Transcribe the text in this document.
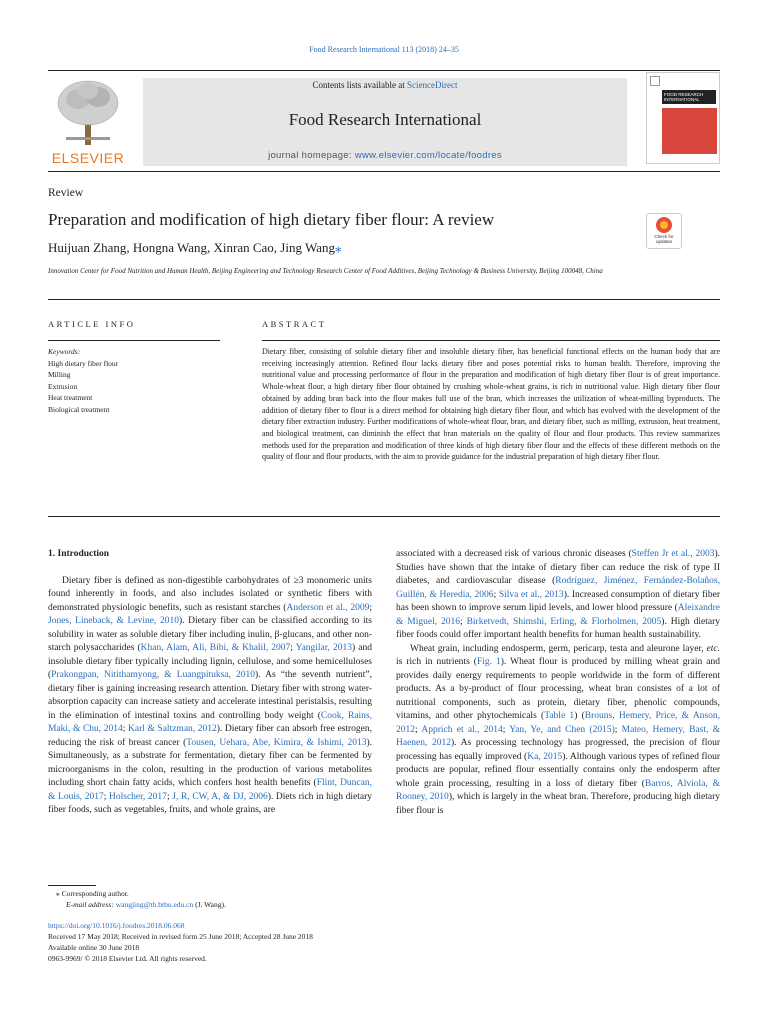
Food Research International 113 (2018) 24–35
ELSEVIER
Contents lists available at ScienceDirect
Food Research International
journal homepage: www.elsevier.com/locate/foodres
FOOD RESEARCH INTERNATIONAL
Review
Preparation and modification of high dietary fiber flour: A review
Huijuan Zhang, Hongna Wang, Xinran Cao, Jing Wang⁎
Innovation Center for Food Nutrition and Human Health, Beijing Engineering and Technology Research Center of Food Additives, Beijing Technology & Business University, Beijing 100048, China
Check for updates
ARTICLE INFO	ABSTRACT
Keywords:
High dietary fiber flour
Milling
Extrusion
Heat treatment
Biological treatment
Dietary fiber, consisting of soluble dietary fiber and insoluble dietary fiber, has beneficial functional effects on the human body that are receiving increasingly attention. Refined flour lacks dietary fiber and poses potential risks to human health. Therefore, improving the nutritional value and processing performance of flour in the preparation and modification of high dietary fiber flour is of great importance. Whole-wheat flour, a high dietary fiber flour obtained by crushing whole-wheat grains, is rich in nutritional value. High dietary fiber flour obtained by adding bran back into the flour makes full use of the bran, which increases the utilization of wheat-milling byproducts. The addition of dietary fiber to flour is a direct method for obtaining high dietary fiber flour, and which has evolved with the development of the dietary fiber extraction industry. Further modifications of whole-wheat flour, bran, and dietary fiber, such as milling, extrusion, heat treatment, and biological treatment, can diminish the effect that bran materials on the quality of flour and flour products. This review summarizes methods used for the preparation and modification of three kinds of high dietary fiber flour and the effects of these different methods on the quality of flour and flour products, with the aim to provide guidance for the industrial preparation of high dietary fiber flour.
1. Introduction

Dietary fiber is defined as non-digestible carbohydrates of ≥3 monomeric units found inherently in foods, and also includes isolated or synthetic fibers with demonstrated physiologic benefits, such as resistant starches (Anderson et al., 2009; Jones, Lineback, & Levine, 2010). Dietary fiber can be classified according to its solubility in water as soluble dietary fiber including inulin, β-glucans, and other non-starch polysaccharides (Khan, Alam, Ali, Bibi, & Khalil, 2007; Yangilar, 2013) and insoluble dietary fiber typically including lignin, cellulose, and some hemicelluloses (Prakongpan, Nitithamyong, & Luangpituksa, 2010). As “the seventh nutrient”, dietary fiber is gaining increasing research attention. Dietary fiber with strong water-absorption capacity can increase satiety and accelerate intestinal peristalsis, resulting in the elimination of intestinal toxins and controlling body weight (Cook, Rains, Maki, & Chu, 2014; Karl & Saltzman, 2012). Dietary fiber can absorb free estrogen, reducing the risk of breast cancer (Tousen, Uehara, Abe, Kimira, & Ishimi, 2013). Simultaneously, as a substrate for fermentation, dietary fiber can be fermented by microorganisms in the colon, resulting in the production of various metabolites including short chain fatty acids, which confers host health benefits (Flint, Duncan, & Louis, 2017; Holscher, 2017; J, R, CW, A, & DJ, 2006). Diets rich in high dietary fiber foods, such as vegetables, fruits, and whole grains, are

associated with a decreased risk of various chronic diseases (Steffen Jr et al., 2003). Studies have shown that the intake of dietary fiber can reduce the risk of type II diabetes, and cardiovascular disease (Rodríguez, Jiménez, Fernández-Bolaños, Guillén, & Heredia, 2006; Silva et al., 2013). Increased consumption of dietary fiber has been shown to improve serum lipid levels, and lower blood pressure (Aleixandre & Miguel, 2016; Birketvedt, Shimshi, Erling, & Florholmen, 2005). High dietary fiber foods could offer important health benefits for human health sustainability.

Wheat grain, including endosperm, germ, pericarp, testa and aleurone layer, etc. is rich in nutrients (Fig. 1). Wheat flour is produced by milling wheat grain and provides daily energy requirements to people worldwide in the form of different products. As a by-product of flour processing, wheat bran consistes of a lot of nutritional components, such as protein, dietary fiber, phenolic compounds, vitamins, and other phytochemicals (Table 1) (Brouns, Hemery, Price, & Anson, 2012; Apprich et al., 2014; Yan, Ye, and Chen (2015); Mateo, Hemery, Bast, & Haenen, 2012). As processing technology has progressed, the precision of flour processing has equally improved (Ka, 2015). Although various types of refined flour products are popular, refined flour essentially contains only the endosperm after whole grain processing, resulting in a loss of dietary fiber (Barros, Alviola, & Rooney, 2010), which is largely in the wheat bran. Therefore, producing high dietary fiber flour is

⁎ Corresponding author.
E-mail address: wangjing@th.btbu.edu.cn (J. Wang).
https://doi.org/10.1016/j.foodres.2018.06.068
Received 17 May 2018; Received in revised form 25 June 2018; Accepted 28 June 2018
Available online 30 June 2018
0963-9969/ © 2018 Elsevier Ltd. All rights reserved.
